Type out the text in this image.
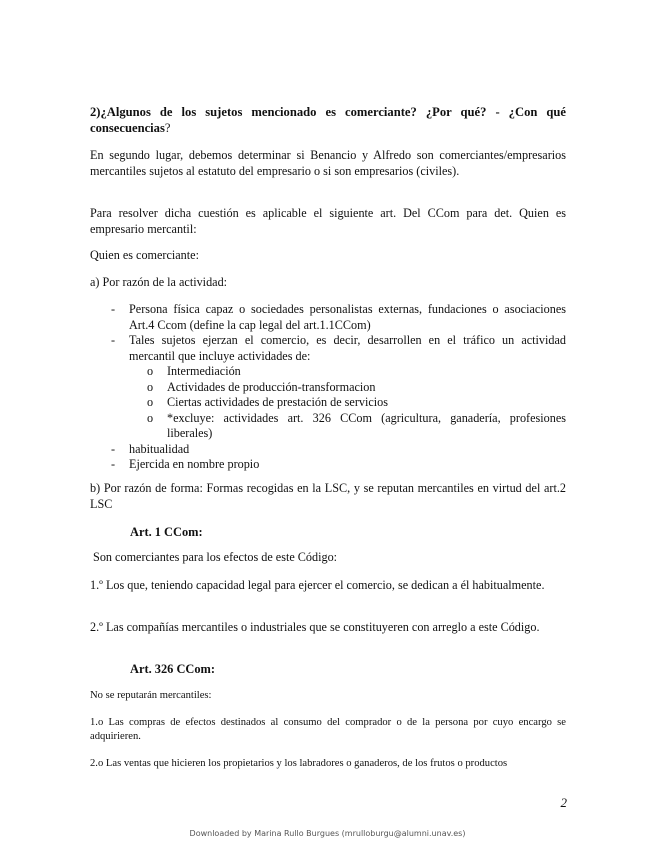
2)¿Algunos de los sujetos mencionado es comerciante? ¿Por qué? - ¿Con qué consecuencias?

En segundo lugar, debemos determinar si Benancio y Alfredo son comerciantes/empresarios mercantiles sujetos al estatuto del empresario o si son empresarios (civiles).

Para resolver dicha cuestión es aplicable el siguiente art. Del CCom para det. Quien es empresario mercantil:

Quien es comerciante:

a) Por razón de la actividad:

- Persona física capaz o sociedades personalistas externas, fundaciones o asociaciones Art.4 Ccom (define la cap legal del art.1.1CCom)
- Tales sujetos ejerzan el comercio, es decir, desarrollen en el tráfico un actividad mercantil que incluye actividades de:
o Intermediación
o Actividades de producción-transformacion
o Ciertas actividades de prestación de servicios
o *excluye: actividades art. 326 CCom (agricultura, ganadería, profesiones liberales)
- habitualidad
- Ejercida en nombre propio

b) Por razón de forma: Formas recogidas en la LSC, y se reputan mercantiles en virtud del art.2 LSC

Art. 1 CCom:

Son comerciantes para los efectos de este Código:

1.º Los que, teniendo capacidad legal para ejercer el comercio, se dedican a él habitualmente.

2.º Las compañías mercantiles o industriales que se constituyeren con arreglo a este Código.

Art. 326 CCom:

No se reputarán mercantiles:

1.o Las compras de efectos destinados al consumo del comprador o de la persona por cuyo encargo se adquirieren.

2.o Las ventas que hicieren los propietarios y los labradores o ganaderos, de los frutos o productos

2
Downloaded by Marina Rullo Burgues (mrulloburgu@alumni.unav.es)
